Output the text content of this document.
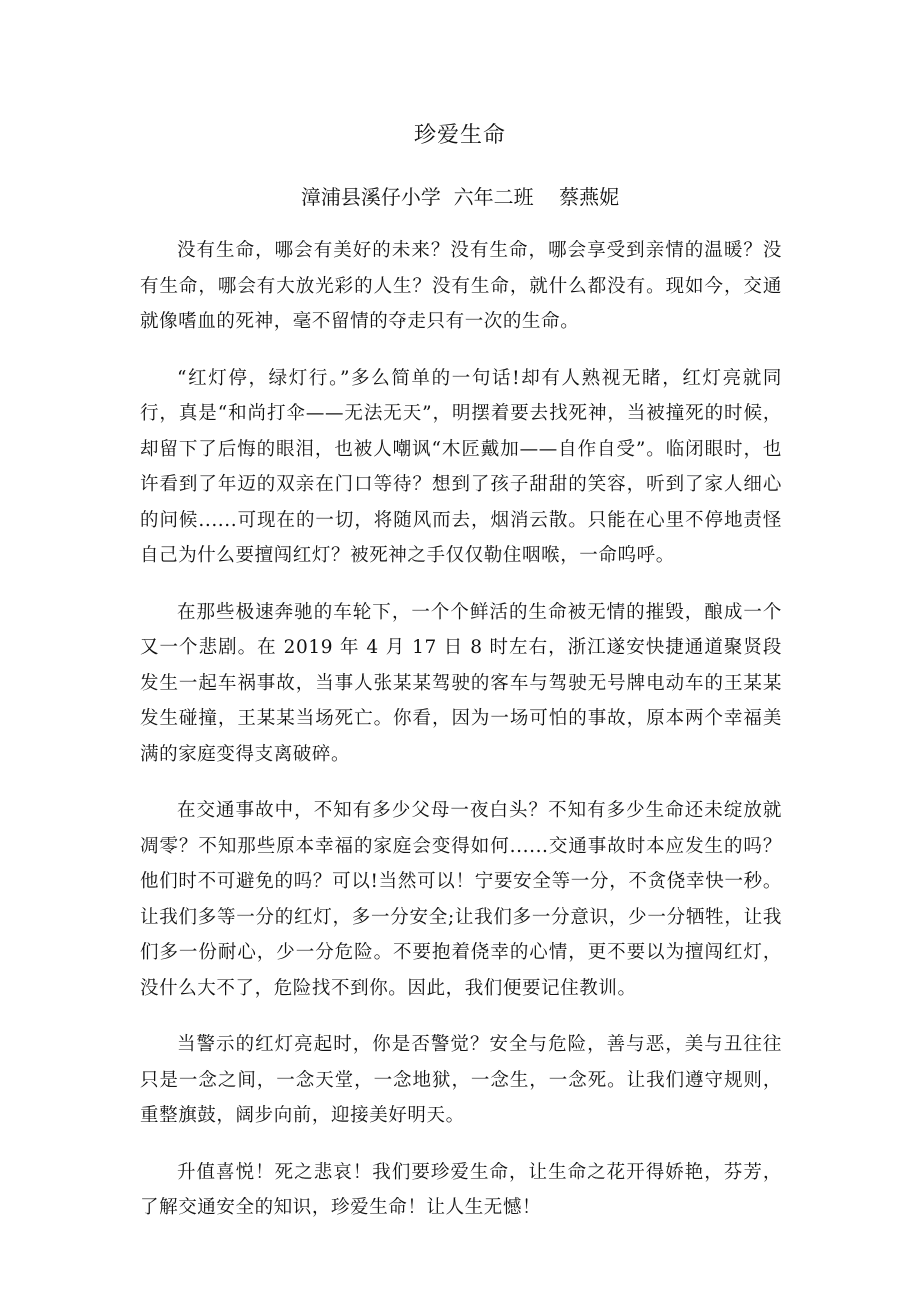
珍爱生命
漳浦县溪仔小学  六年二班    蔡燕妮

没有生命，哪会有美好的未来？没有生命，哪会享受到亲情的温暖？没有生命，哪会有大放光彩的人生？没有生命，就什么都没有。现如今，交通就像嗜血的死神，毫不留情的夺走只有一次的生命。

“红灯停，绿灯行。”多么简单的一句话!却有人熟视无睹，红灯亮就同行，真是“和尚打伞——无法无天”，明摆着要去找死神，当被撞死的时候，却留下了后悔的眼泪，也被人嘲讽“木匠戴加——自作自受”。临闭眼时，也许看到了年迈的双亲在门口等待？想到了孩子甜甜的笑容，听到了家人细心的问候......可现在的一切，将随风而去，烟消云散。只能在心里不停地责怪自己为什么要擅闯红灯？被死神之手仅仅勒住咽喉，一命呜呼。

在那些极速奔驰的车轮下，一个个鲜活的生命被无情的摧毁，酿成一个又一个悲剧。在 2019 年 4 月 17 日 8 时左右，浙江遂安快捷通道聚贤段发生一起车祸事故，当事人张某某驾驶的客车与驾驶无号牌电动车的王某某发生碰撞，王某某当场死亡。你看，因为一场可怕的事故，原本两个幸福美满的家庭变得支离破碎。

在交通事故中，不知有多少父母一夜白头？不知有多少生命还未绽放就凋零？不知那些原本幸福的家庭会变得如何......交通事故时本应发生的吗？他们时不可避免的吗？可以!当然可以！宁要安全等一分，不贪侥幸快一秒。让我们多等一分的红灯，多一分安全;让我们多一分意识，少一分牺牲，让我们多一份耐心，少一分危险。不要抱着侥幸的心情，更不要以为擅闯红灯，没什么大不了，危险找不到你。因此，我们便要记住教训。

当警示的红灯亮起时，你是否警觉？安全与危险，善与恶，美与丑往往只是一念之间，一念天堂，一念地狱，一念生，一念死。让我们遵守规则，重整旗鼓，阔步向前，迎接美好明天。

升值喜悦！死之悲哀！我们要珍爱生命，让生命之花开得娇艳，芬芳，了解交通安全的知识，珍爱生命！让人生无憾！
